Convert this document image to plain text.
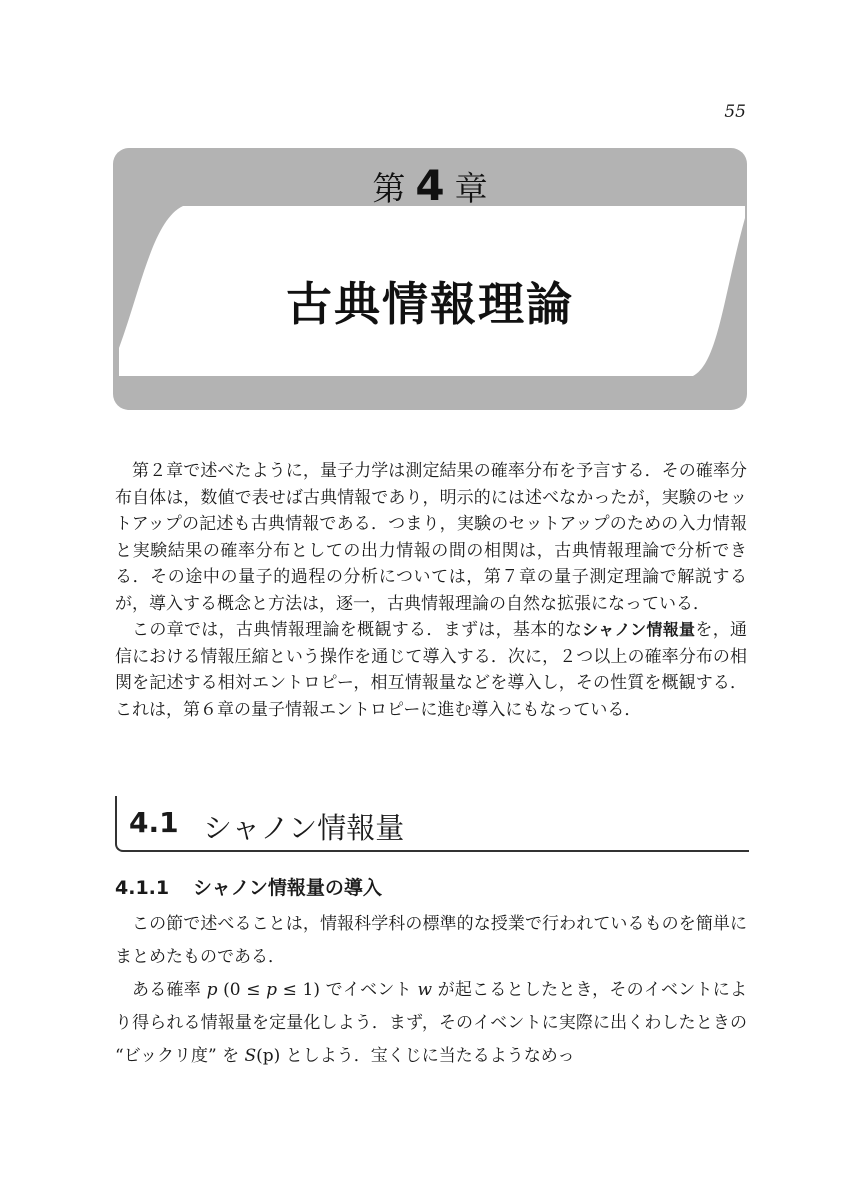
55
第 4 章
古典情報理論

第２章で述べたように，量子力学は測定結果の確率分布を予言する．その確率分布自体は，数値で表せば古典情報であり，明示的には述べなかったが，実験のセットアップの記述も古典情報である．つまり，実験のセットアップのための入力情報と実験結果の確率分布としての出力情報の間の相関は，古典情報理論で分析できる．その途中の量子的過程の分析については，第７章の量子測定理論で解説するが，導入する概念と方法は，逐一，古典情報理論の自然な拡張になっている．

この章では，古典情報理論を概観する．まずは，基本的なシャノン情報量を，通信における情報圧縮という操作を通じて導入する．次に，２つ以上の確率分布の相関を記述する相対エントロピー，相互情報量などを導入し，その性質を概観する．これは，第６章の量子情報エントロピーに進む導入にもなっている．

4.1 シャノン情報量
4.1.1 シャノン情報量の導入

この節で述べることは，情報科学科の標準的な授業で行われているものを簡単にまとめたものである．

ある確率 p (0 ≤ p ≤ 1) でイベント w が起こるとしたとき，そのイベントにより得られる情報量を定量化しよう．まず，そのイベントに実際に出くわしたときの “ビックリ度” を S(p) としよう．宝くじに当たるようなめっ
